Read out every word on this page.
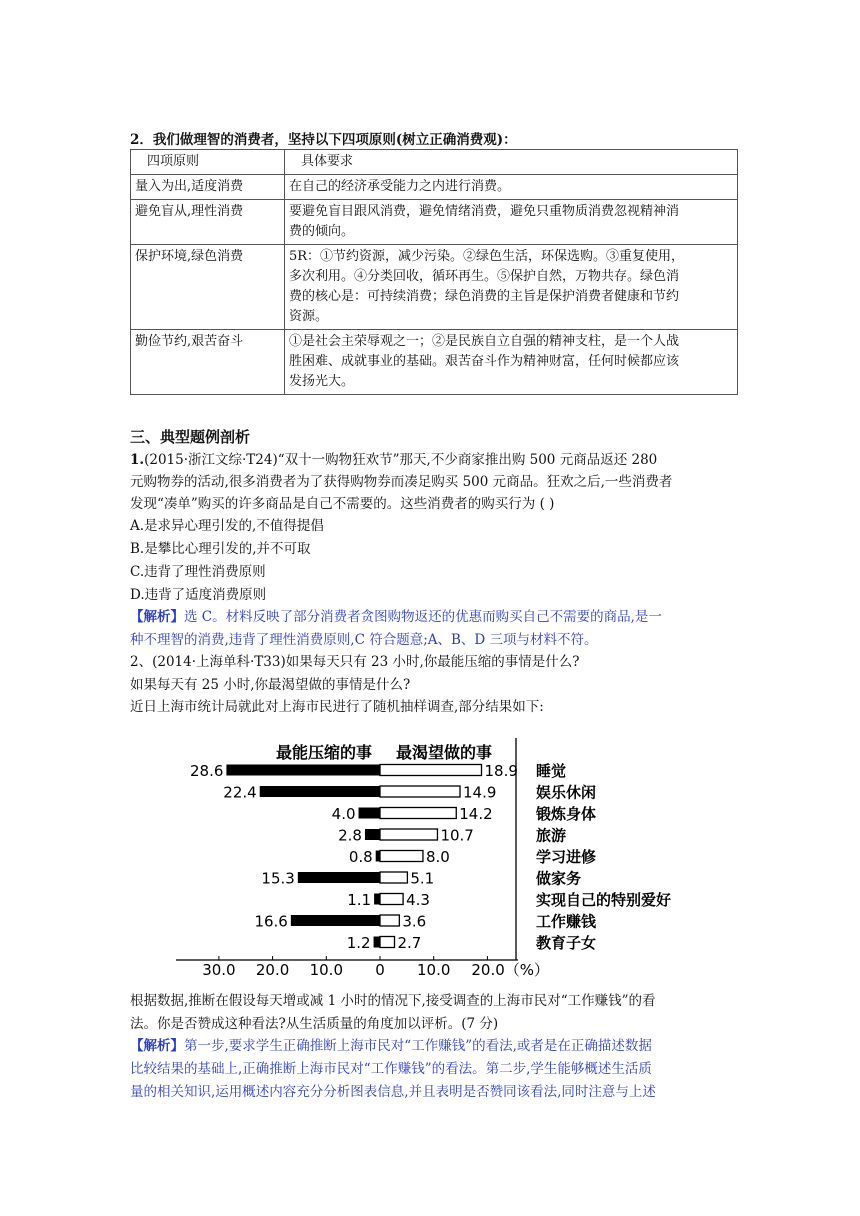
2．我们做理智的消费者，坚持以下四项原则(树立正确消费观)：
四项原则	具体要求
量入为出,适度消费	在自己的经济承受能力之内进行消费。

避免盲从,理性消费	要避免盲目跟风消费，避免情绪消费，避免只重物质消费忽视精神消
费的倾向。

保护环境,绿色消费	5R：①节约资源，减少污染。②绿色生活，环保选购。③重复使用，
多次利用。④分类回收，循环再生。⑤保护自然，万物共存。绿色消
费的核心是：可持续消费；绿色消费的主旨是保护消费者健康和节约
资源。

勤俭节约,艰苦奋斗	①是社会主荣辱观之一；②是民族自立自强的精神支柱，是一个人战
胜困难、成就事业的基础。艰苦奋斗作为精神财富，任何时候都应该
发扬光大。
三、典型题例剖析
1.(2015·浙江文综·T24)“双十一购物狂欢节”那天,不少商家推出购 500 元商品返还 280
元购物券的活动,很多消费者为了获得购物券而凑足购买 500 元商品。狂欢之后,一些消费者
发现“凑单”购买的许多商品是自己不需要的。这些消费者的购买行为 ( )
A.是求异心理引发的,不值得提倡
B.是攀比心理引发的,并不可取
C.违背了理性消费原则
D.违背了适度消费原则
【解析】选 C。材料反映了部分消费者贪图购物返还的优惠而购买自己不需要的商品,是一
种不理智的消费,违背了理性消费原则,C 符合题意;A、B、D 三项与材料不符。
2、(2014·上海单科·T33)如果每天只有 23 小时,你最能压缩的事情是什么?
如果每天有 25 小时,你最渴望做的事情是什么?
近日上海市统计局就此对上海市民进行了随机抽样调查,部分结果如下:
根据数据,推断在假设每天增或减 1 小时的情况下,接受调查的上海市民对“工作赚钱”的看
法。你是否赞成这种看法?从生活质量的角度加以评析。(7 分)
【解析】第一步,要求学生正确推断上海市民对“工作赚钱”的看法,或者是在正确描述数据
比较结果的基础上,正确推断上海市民对“工作赚钱”的看法。第二步,学生能够概述生活质
量的相关知识,运用概述内容充分分析图表信息,并且表明是否赞同该看法,同时注意与上述
最能压缩的事 最渴望做的事
28.6	18.9 睡觉
22.4	14.9	娱乐休闲
4.0	14.2	锻炼身体
2.8	10.7	旅游
0.8	8.0	学习进修
15.3	5.1	做家务
1.1 4.3	实现自己的特别爱好
16.6	3.6	工作赚钱
1.2 2.7	教育子女
30.0 20.0 10.0 0 10.0 20.0（%）
